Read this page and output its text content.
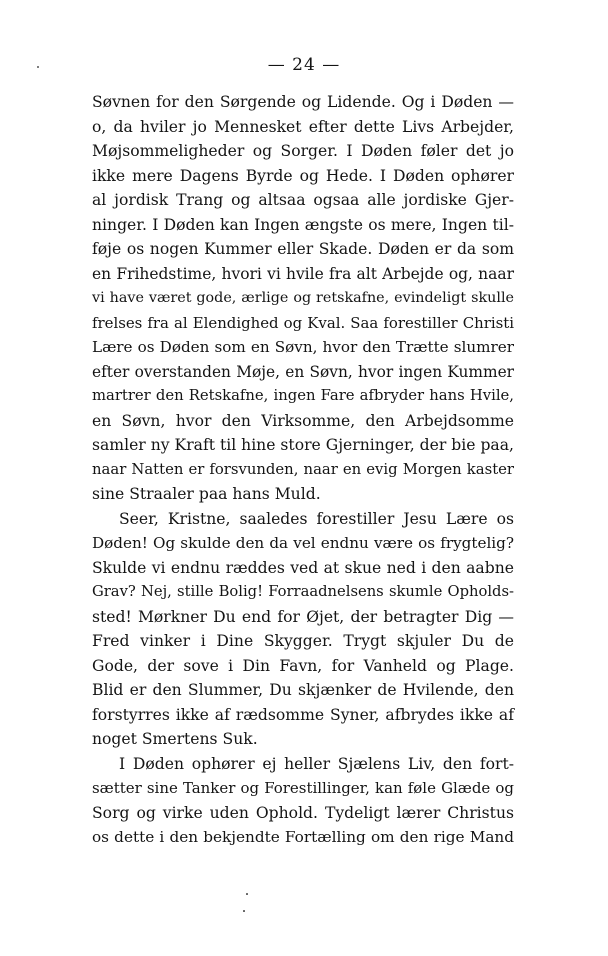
— 24 —
Søvnen for den Sørgende og Lidende. Og i Døden —
o, da hviler jo Mennesket efter dette Livs Arbejder,
Møjsommeligheder og Sorger. I Døden føler det jo
ikke mere Dagens Byrde og Hede. I Døden ophører
al jordisk Trang og altsaa ogsaa alle jordiske Gjer-
ninger. I Døden kan Ingen ængste os mere, Ingen til-
føje os nogen Kummer eller Skade. Døden er da som
en Frihedstime, hvori vi hvile fra alt Arbejde og, naar
vi have været gode, ærlige og retskafne, evindeligt skulle
frelses fra al Elendighed og Kval. Saa forestiller Christi
Lære os Døden som en Søvn, hvor den Trætte slumrer
efter overstanden Møje, en Søvn, hvor ingen Kummer
martrer den Retskafne, ingen Fare afbryder hans Hvile,
en Søvn, hvor den Virksomme, den Arbejdsomme
samler ny Kraft til hine store Gjerninger, der bie paa,
naar Natten er forsvunden, naar en evig Morgen kaster
sine Straaler paa hans Muld.
Seer, Kristne, saaledes forestiller Jesu Lære os
Døden! Og skulde den da vel endnu være os frygtelig?
Skulde vi endnu ræddes ved at skue ned i den aabne
Grav? Nej, stille Bolig! Forraadnelsens skumle Opholds-
sted! Mørkner Du end for Øjet, der betragter Dig —
Fred vinker i Dine Skygger. Trygt skjuler Du de
Gode, der sove i Din Favn, for Vanheld og Plage.
Blid er den Slummer, Du skjænker de Hvilende, den
forstyrres ikke af rædsomme Syner, afbrydes ikke af
noget Smertens Suk.
I Døden ophører ej heller Sjælens Liv, den fort-
sætter sine Tanker og Forestillinger, kan føle Glæde og
Sorg og virke uden Ophold. Tydeligt lærer Christus
os dette i den bekjendte Fortælling om den rige Mand
